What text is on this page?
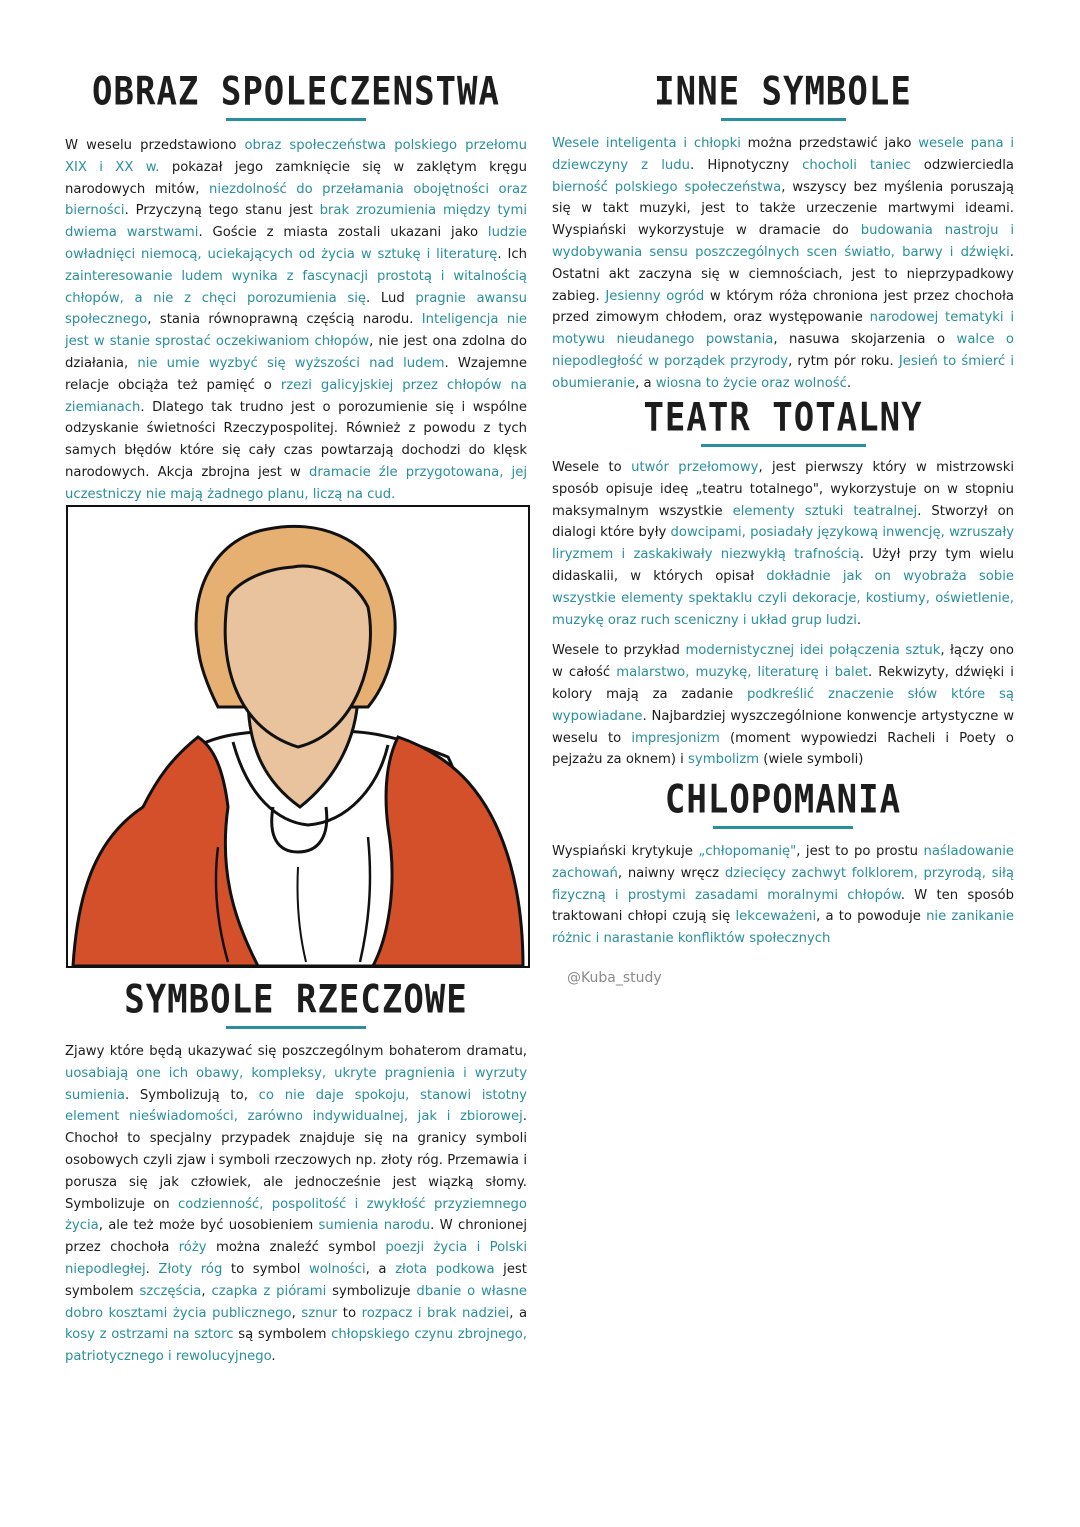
OBRAZ SPOLECZENSTWA

W weselu przedstawiono obraz społeczeństwa polskiego przełomu XIX i XX w. pokazał jego zamknięcie się w zaklętym kręgu narodowych mitów, niezdolność do przełamania obojętności oraz bierności. Przyczyną tego stanu jest brak zrozumienia między tymi dwiema warstwami. Goście z miasta zostali ukazani jako ludzie owładnięci niemocą, uciekających od życia w sztukę i literaturę. Ich zainteresowanie ludem wynika z fascynacji prostotą i witalnością chłopów, a nie z chęci porozumienia się. Lud pragnie awansu społecznego, stania równoprawną częścią narodu. Inteligencja nie jest w stanie sprostać oczekiwaniom chłopów, nie jest ona zdolna do działania, nie umie wyzbyć się wyższości nad ludem. Wzajemne relacje obciąża też pamięć o rzezi galicyjskiej przez chłopów na ziemianach. Dlatego tak trudno jest o porozumienie się i wspólne odzyskanie świetności Rzeczypospolitej. Również z powodu z tych samych błędów które się cały czas powtarzają dochodzi do klęsk narodowych. Akcja zbrojna jest w dramacie źle przygotowana, jej uczestniczy nie mają żadnego planu, liczą na cud.

SYMBOLE RZECZOWE

Zjawy które będą ukazywać się poszczególnym bohaterom dramatu, uosabiają one ich obawy, kompleksy, ukryte pragnienia i wyrzuty sumienia. Symbolizują to, co nie daje spokoju, stanowi istotny element nieświadomości, zarówno indywidualnej, jak i zbiorowej. Chochoł to specjalny przypadek znajduje się na granicy symboli osobowych czyli zjaw i symboli rzeczowych np. złoty róg. Przemawia i porusza się jak człowiek, ale jednocześnie jest wiązką słomy. Symbolizuje on codzienność, pospolitość i zwykłość przyziemnego życia, ale też może być uosobieniem sumienia narodu. W chronionej przez chochoła róży można znaleźć symbol poezji życia i Polski niepodległej. Złoty róg to symbol wolności, a złota podkowa jest symbolem szczęścia, czapka z piórami symbolizuje dbanie o własne dobro kosztami życia publicznego, sznur to rozpacz i brak nadziei, a kosy z ostrzami na sztorc są symbolem chłopskiego czynu zbrojnego, patriotycznego i rewolucyjnego.

INNE SYMBOLE

Wesele inteligenta i chłopki można przedstawić jako wesele pana i dziewczyny z ludu. Hipnotyczny chocholi taniec odzwierciedla bierność polskiego społeczeństwa, wszyscy bez myślenia poruszają się w takt muzyki, jest to także urzeczenie martwymi ideami. Wyspiański wykorzystuje w dramacie do budowania nastroju i wydobywania sensu poszczególnych scen światło, barwy i dźwięki. Ostatni akt zaczyna się w ciemnościach, jest to nieprzypadkowy zabieg. Jesienny ogród w którym róża chroniona jest przez chochoła przed zimowym chłodem, oraz występowanie narodowej tematyki i motywu nieudanego powstania, nasuwa skojarzenia o walce o niepodległość w porządek przyrody, rytm pór roku. Jesień to śmierć i obumieranie, a wiosna to życie oraz wolność.

TEATR TOTALNY

Wesele to utwór przełomowy, jest pierwszy który w mistrzowski sposób opisuje ideę „teatru totalnego", wykorzystuje on w stopniu maksymalnym wszystkie elementy sztuki teatralnej. Stworzył on dialogi które były dowcipami, posiadały językową inwencję, wzruszały liryzmem i zaskakiwały niezwykłą trafnością. Użył przy tym wielu didaskalii, w których opisał dokładnie jak on wyobraża sobie wszystkie elementy spektaklu czyli dekoracje, kostiumy, oświetlenie, muzykę oraz ruch sceniczny i układ grup ludzi.

Wesele to przykład modernistycznej idei połączenia sztuk, łączy ono w całość malarstwo, muzykę, literaturę i balet. Rekwizyty, dźwięki i kolory mają za zadanie podkreślić znaczenie słów które są wypowiadane. Najbardziej wyszczególnione konwencje artystyczne w weselu to impresjonizm (moment wypowiedzi Racheli i Poety o pejzażu za oknem) i symbolizm (wiele symboli)

CHLOPOMANIA

Wyspiański krytykuje „chłopomanię", jest to po prostu naśladowanie zachowań, naiwny wręcz dziecięcy zachwyt folklorem, przyrodą, siłą fizyczną i prostymi zasadami moralnymi chłopów. W ten sposób traktowani chłopi czują się lekceważeni, a to powoduje nie zanikanie różnic i narastanie konfliktów społecznych

@Kuba_study
